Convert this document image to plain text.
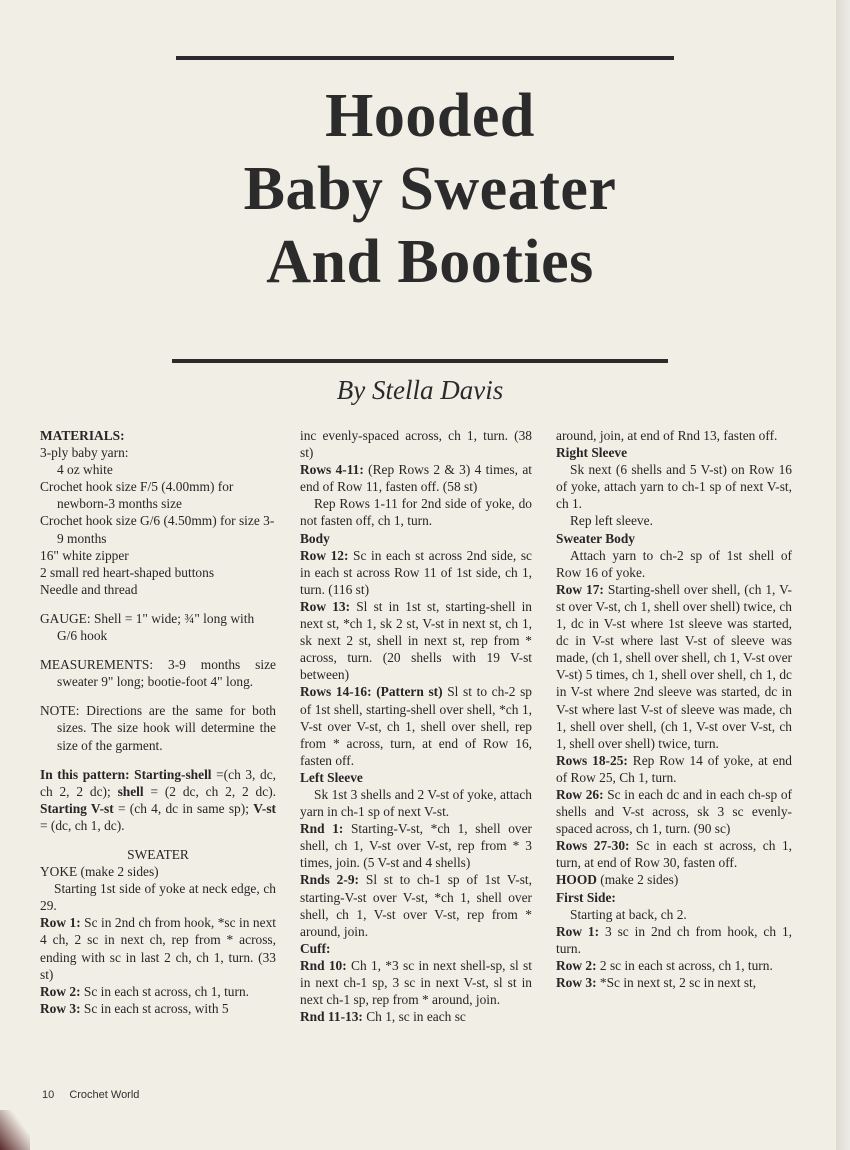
Hooded
Baby Sweater
And Booties

By Stella Davis

MATERIALS:

3-ply baby yarn:

4 oz white

Crochet hook size F/5 (4.00mm) for newborn-3 months size

Crochet hook size G/6 (4.50mm) for size 3-9 months

16" white zipper

2 small red heart-shaped buttons

Needle and thread

GAUGE: Shell = 1" wide; ¾" long with G/6 hook

MEASUREMENTS: 3-9 months size sweater 9" long; bootie-foot 4" long.

NOTE: Directions are the same for both sizes. The size hook will determine the size of the garment.

In this pattern: Starting-shell =(ch 3, dc, ch 2, 2 dc); shell = (2 dc, ch 2, 2 dc). Starting V-st = (ch 4, dc in same sp); V-st = (dc, ch 1, dc).

SWEATER

YOKE (make 2 sides)

Starting 1st side of yoke at neck edge, ch 29.

Row 1: Sc in 2nd ch from hook, *sc in next 4 ch, 2 sc in next ch, rep from * across, ending with sc in last 2 ch, ch 1, turn. (33 st)

Row 2: Sc in each st across, ch 1, turn.

Row 3: Sc in each st across, with 5

inc evenly-spaced across, ch 1, turn. (38 st)

Rows 4-11: (Rep Rows 2 & 3) 4 times, at end of Row 11, fasten off. (58 st)

Rep Rows 1-11 for 2nd side of yoke, do not fasten off, ch 1, turn.

Body

Row 12: Sc in each st across 2nd side, sc in each st across Row 11 of 1st side, ch 1, turn. (116 st)

Row 13: Sl st in 1st st, starting-shell in next st, *ch 1, sk 2 st, V-st in next st, ch 1, sk next 2 st, shell in next st, rep from * across, turn. (20 shells with 19 V-st between)

Rows 14-16: (Pattern st) Sl st to ch-2 sp of 1st shell, starting-shell over shell, *ch 1, V-st over V-st, ch 1, shell over shell, rep from * across, turn, at end of Row 16, fasten off.

Left Sleeve

Sk 1st 3 shells and 2 V-st of yoke, attach yarn in ch-1 sp of next V-st.

Rnd 1: Starting-V-st, *ch 1, shell over shell, ch 1, V-st over V-st, rep from * 3 times, join. (5 V-st and 4 shells)

Rnds 2-9: Sl st to ch-1 sp of 1st V-st, starting-V-st over V-st, *ch 1, shell over shell, ch 1, V-st over V-st, rep from * around, join.

Cuff:

Rnd 10: Ch 1, *3 sc in next shell-sp, sl st in next ch-1 sp, 3 sc in next V-st, sl st in next ch-1 sp, rep from * around, join.

Rnd 11-13: Ch 1, sc in each sc

around, join, at end of Rnd 13, fasten off.

Right Sleeve

Sk next (6 shells and 5 V-st) on Row 16 of yoke, attach yarn to ch-1 sp of next V-st, ch 1.

Rep left sleeve.

Sweater Body

Attach yarn to ch-2 sp of 1st shell of Row 16 of yoke.

Row 17: Starting-shell over shell, (ch 1, V-st over V-st, ch 1, shell over shell) twice, ch 1, dc in V-st where 1st sleeve was started, dc in V-st where last V-st of sleeve was made, (ch 1, shell over shell, ch 1, V-st over V-st) 5 times, ch 1, shell over shell, ch 1, dc in V-st where 2nd sleeve was started, dc in V-st where last V-st of sleeve was made, ch 1, shell over shell, (ch 1, V-st over V-st, ch 1, shell over shell) twice, turn.

Rows 18-25: Rep Row 14 of yoke, at end of Row 25, Ch 1, turn.

Row 26: Sc in each dc and in each ch-sp of shells and V-st across, sk 3 sc evenly-spaced across, ch 1, turn. (90 sc)

Rows 27-30: Sc in each st across, ch 1, turn, at end of Row 30, fasten off.

HOOD (make 2 sides)

First Side:

Starting at back, ch 2.

Row 1: 3 sc in 2nd ch from hook, ch 1, turn.

Row 2: 2 sc in each st across, ch 1, turn.

Row 3: *Sc in next st, 2 sc in next st,

10 Crochet World
